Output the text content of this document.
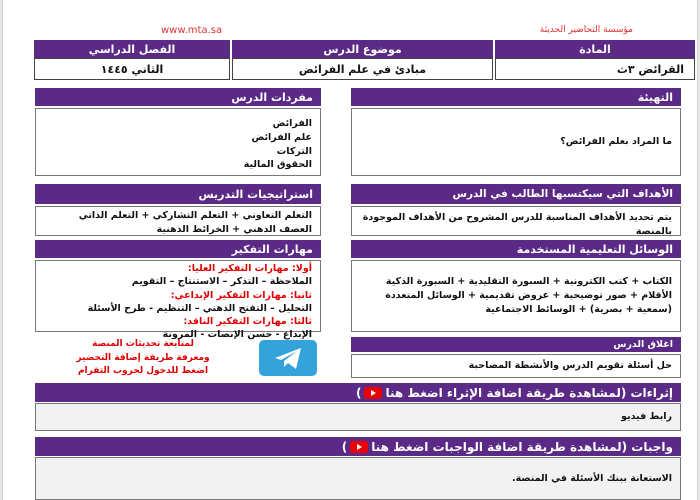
مؤسسة التحاضير الحديثة
www.mta.sa
المادة
موضوع الدرس
الفصل الدراسي
القرائض ٣ث
مبادئ في علم الفرائض
الثاني ١٤٤٥
التهيئة
ما المراد بعلم الفرائض؟
الأهداف التي سيكتسبها الطالب في الدرس
يتم تحديد الأهداف المناسبة للدرس المشروح من الأهداف الموجودة بالمنصة
الوسائل التعليمية المستخدمة
الكتاب + كتب الكترونية + السبورة التقليدية + السبورة الذكية
الأقلام + صور توضيحية + عروض تقديمية + الوسائل المتعددة
(سمعية + بصرية) + الوسائط الاجتماعية
اغلاق الدرس
حل أسئلة تقويم الدرس والأنشطة المصاحبة
مفردات الدرس
الفرائض
علم الفرائض
التركات
الحقوق المالية
استراتيجيات التدريس
التعلم التعاوني + التعلم التشاركي + التعلم الذاتي
العصف الذهني + الخرائط الذهنية
مهارات التفكير
أولا: مهارات التفكير العليا:
الملاحظة – التذكر – الاستنتاج – التقويم
ثانيا: مهارات التفكير الإبداعي:
التحليل – التفتح الذهني – التنظيم - طرح الأسئلة
ثالثا: مهارات التفكير الناقد:
الإبداع - حسن الإنصات - المرونة
لمتابعة تحديثات المنصة
ومعرفة طريقة إضافة التحضير
اضغط للدخول لجروب التقرام
إثراءات (لمشاهدة طريقة اضافة الإثراء اضغط هنا
)
رابط فيديو
واجبات (لمشاهدة طريقة اضافة الواجبات اضغط هنا
)
الاستعانة ببنك الأسئلة في المنصة.
